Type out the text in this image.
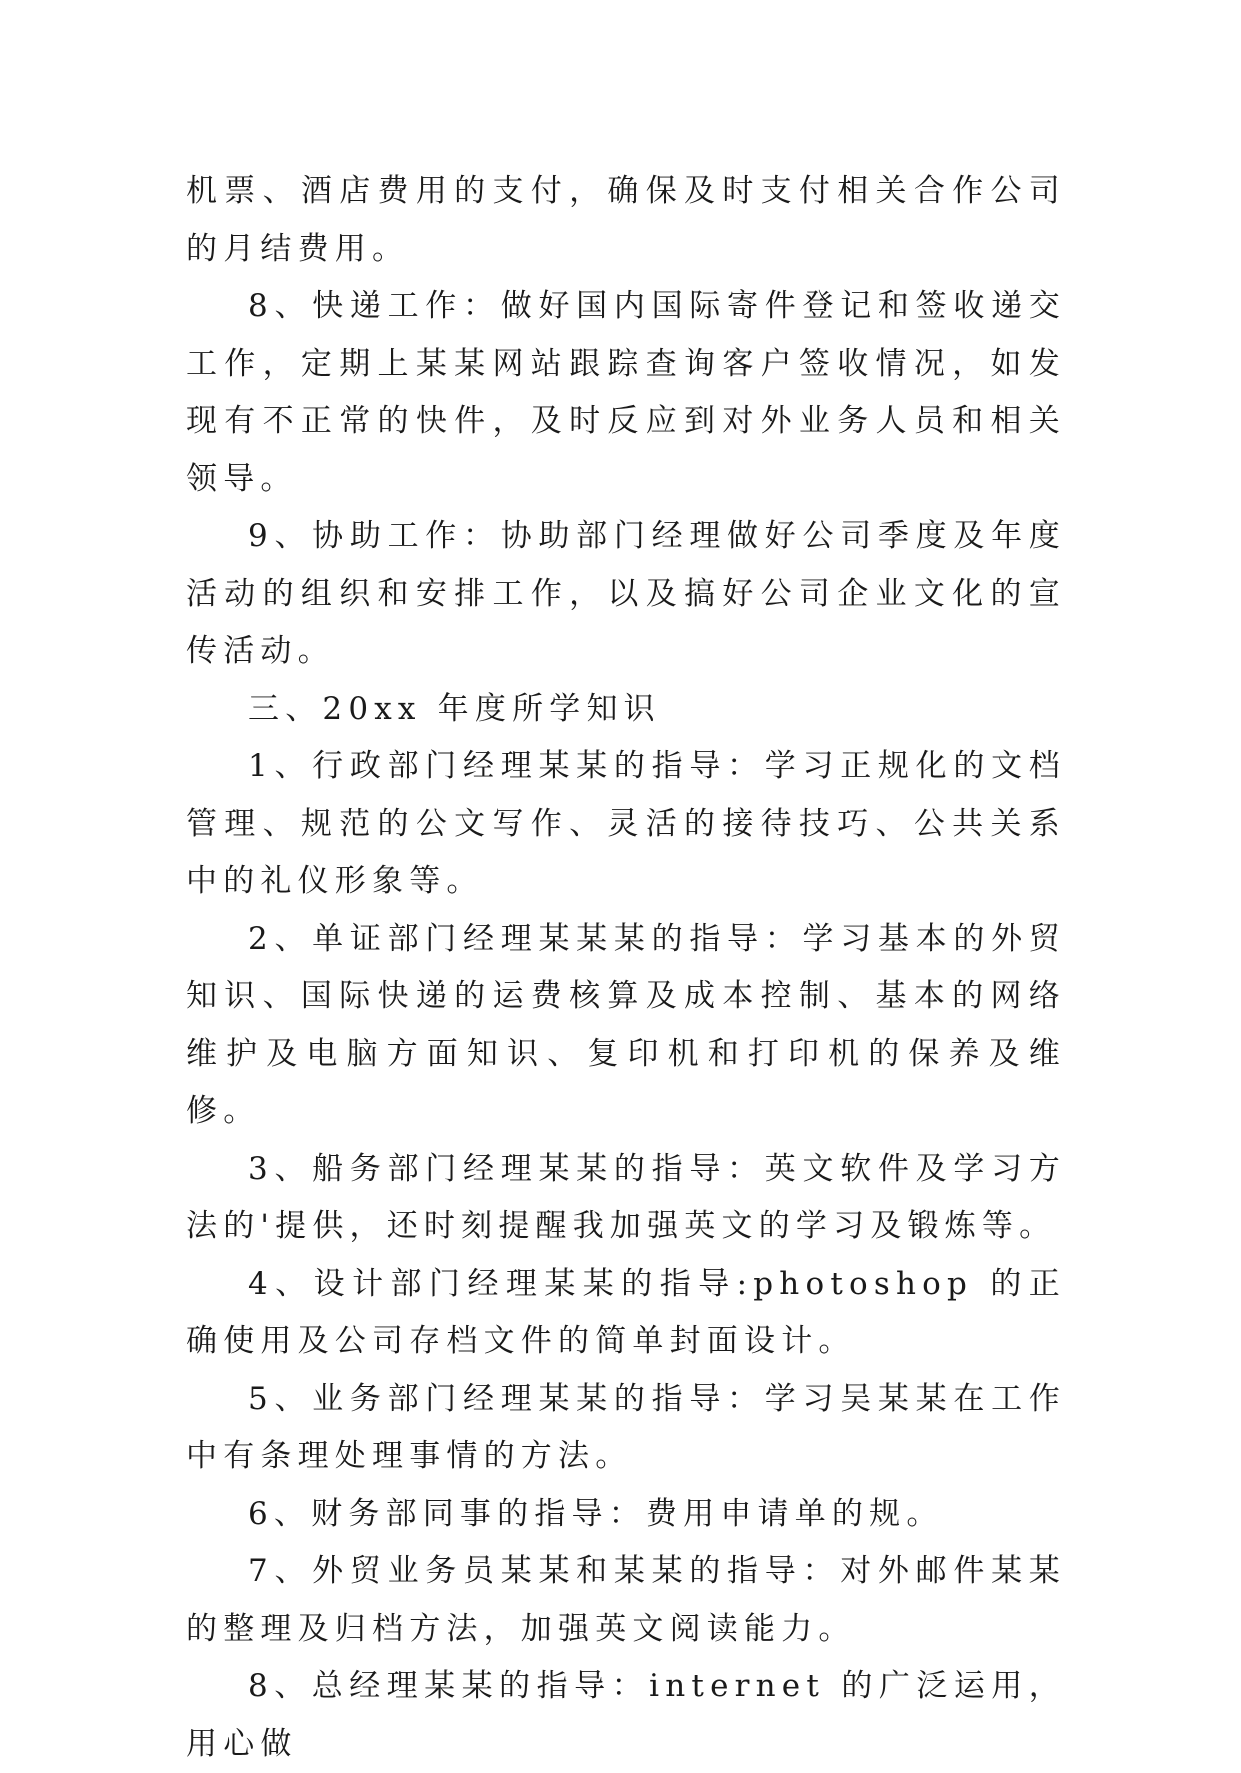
机票、酒店费用的支付，确保及时支付相关合作公司的月结费用。

8、快递工作：做好国内国际寄件登记和签收递交工作，定期上某某网站跟踪查询客户签收情况，如发现有不正常的快件，及时反应到对外业务人员和相关领导。

9、协助工作：协助部门经理做好公司季度及年度活动的组织和安排工作，以及搞好公司企业文化的宣传活动。

三、20xx 年度所学知识

1、行政部门经理某某的指导：学习正规化的文档管理、规范的公文写作、灵活的接待技巧、公共关系中的礼仪形象等。

2、单证部门经理某某某的指导：学习基本的外贸知识、国际快递的运费核算及成本控制、基本的网络维护及电脑方面知识、复印机和打印机的保养及维修。

3、船务部门经理某某的指导：英文软件及学习方法的'提供，还时刻提醒我加强英文的学习及锻炼等。

4、设计部门经理某某的指导:photoshop 的正确使用及公司存档文件的简单封面设计。

5、业务部门经理某某的指导：学习吴某某在工作中有条理处理事情的方法。

6、财务部同事的指导：费用申请单的规。

7、外贸业务员某某和某某的指导：对外邮件某某的整理及归档方法，加强英文阅读能力。

8、总经理某某的指导：internet 的广泛运用，用心做
